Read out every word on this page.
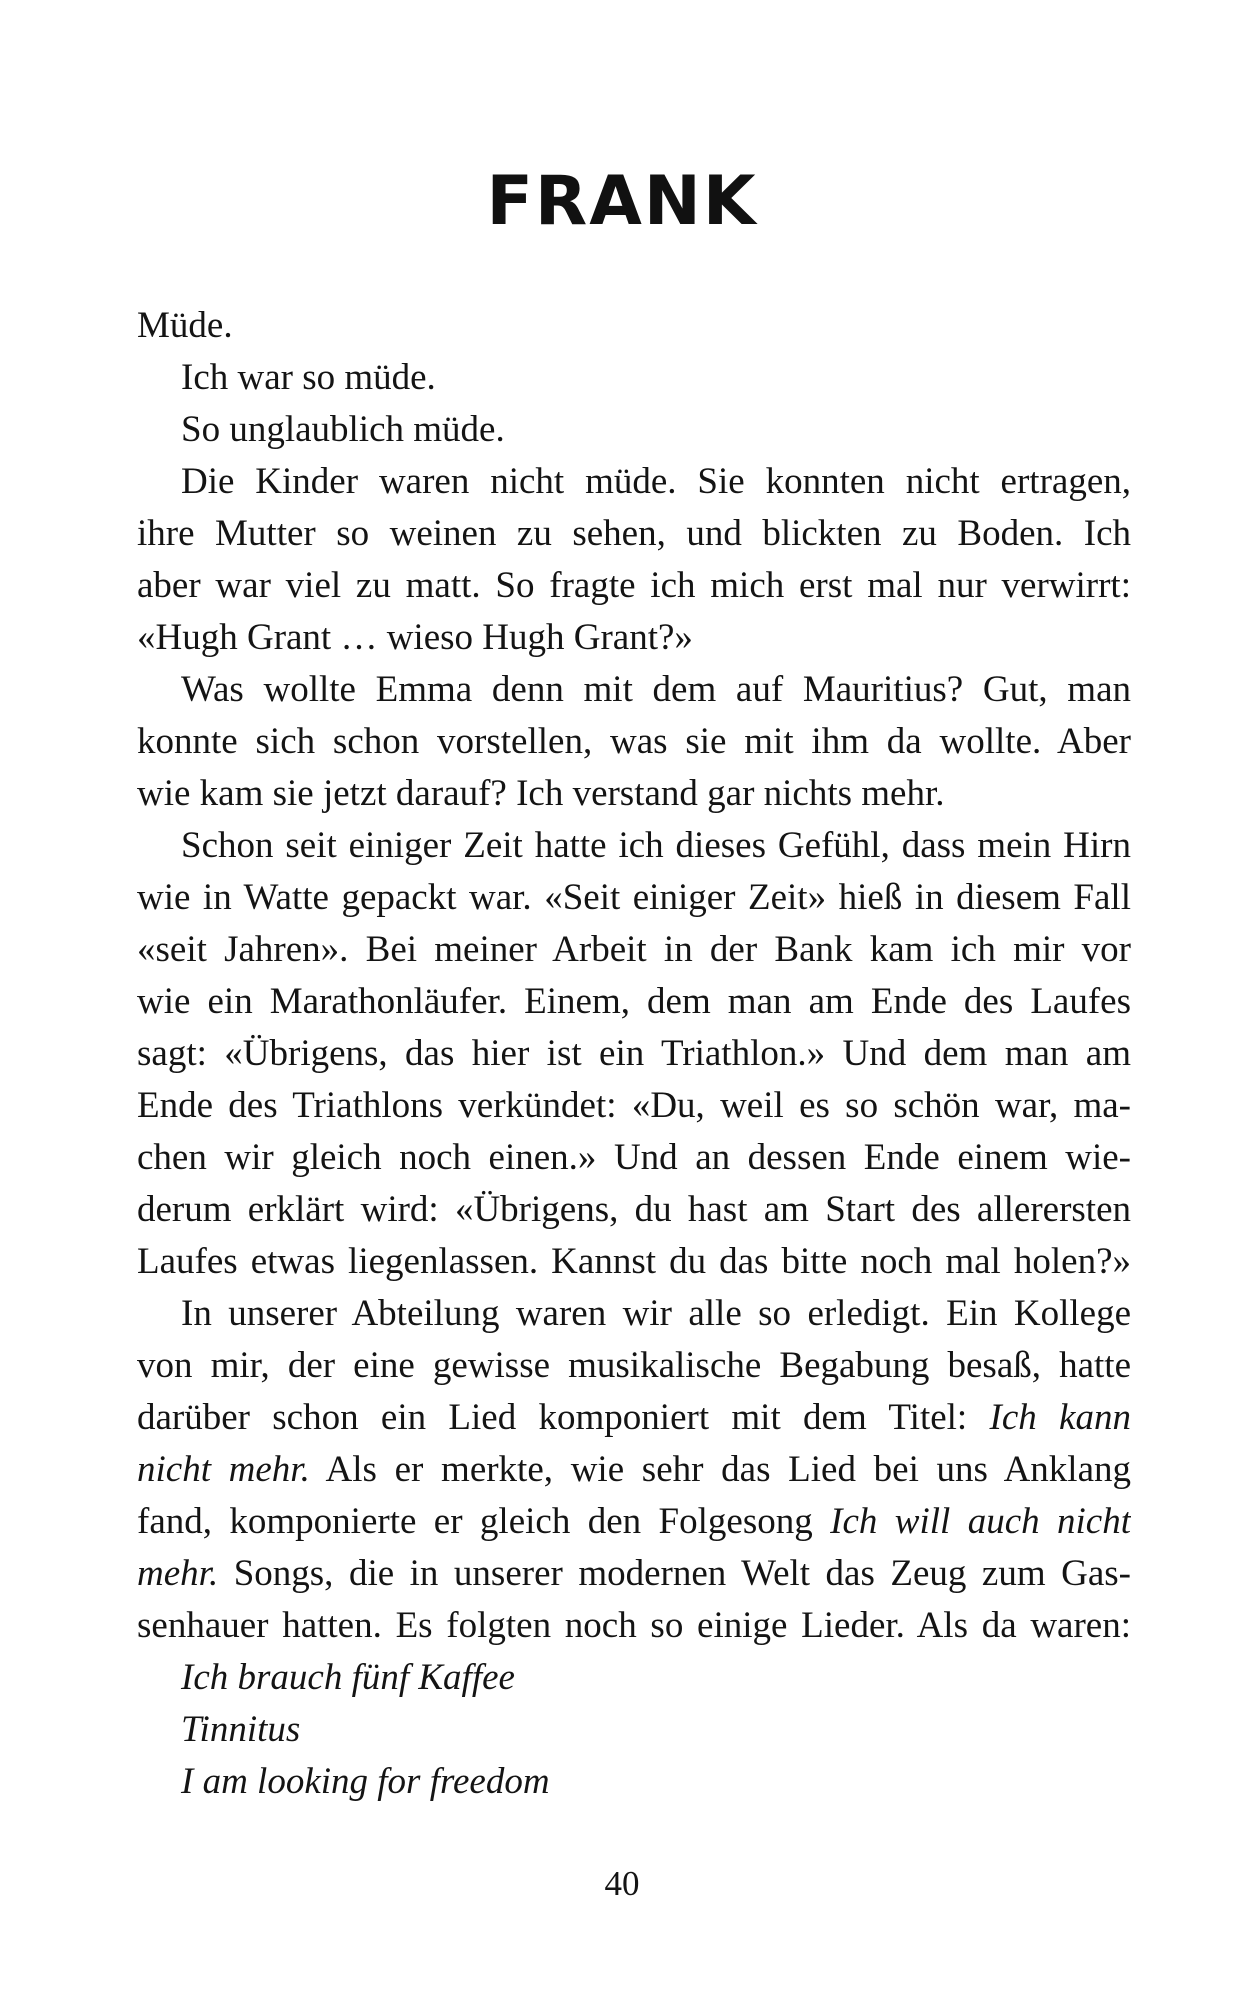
FRANK
Müde.
Ich war so müde.
So unglaublich müde.
Die Kinder waren nicht müde. Sie konnten nicht ertragen,
ihre Mutter so weinen zu sehen, und blickten zu Boden. Ich
aber war viel zu matt. So fragte ich mich erst mal nur verwirrt:
«Hugh Grant … wieso Hugh Grant?»
Was wollte Emma denn mit dem auf Mauritius? Gut, man
konnte sich schon vorstellen, was sie mit ihm da wollte. Aber
wie kam sie jetzt darauf? Ich verstand gar nichts mehr.
Schon seit einiger Zeit hatte ich dieses Gefühl, dass mein Hirn
wie in Watte gepackt war. «Seit einiger Zeit» hieß in diesem Fall
«seit Jahren». Bei meiner Arbeit in der Bank kam ich mir vor
wie ein Marathonläufer. Einem, dem man am Ende des Laufes
sagt: «Übrigens, das hier ist ein Triathlon.» Und dem man am
Ende des Triathlons verkündet: «Du, weil es so schön war, ma-
chen wir gleich noch einen.» Und an dessen Ende einem wie-
derum erklärt wird: «Übrigens, du hast am Start des allerersten
Laufes etwas liegenlassen. Kannst du das bitte noch mal holen?»
In unserer Abteilung waren wir alle so erledigt. Ein Kollege
von mir, der eine gewisse musikalische Begabung besaß, hatte
darüber schon ein Lied komponiert mit dem Titel: Ich kann
nicht mehr. Als er merkte, wie sehr das Lied bei uns Anklang
fand, komponierte er gleich den Folgesong Ich will auch nicht
mehr. Songs, die in unserer modernen Welt das Zeug zum Gas-
senhauer hatten. Es folgten noch so einige Lieder. Als da waren:
Ich brauch fünf Kaffee
Tinnitus
I am looking for freedom
40
